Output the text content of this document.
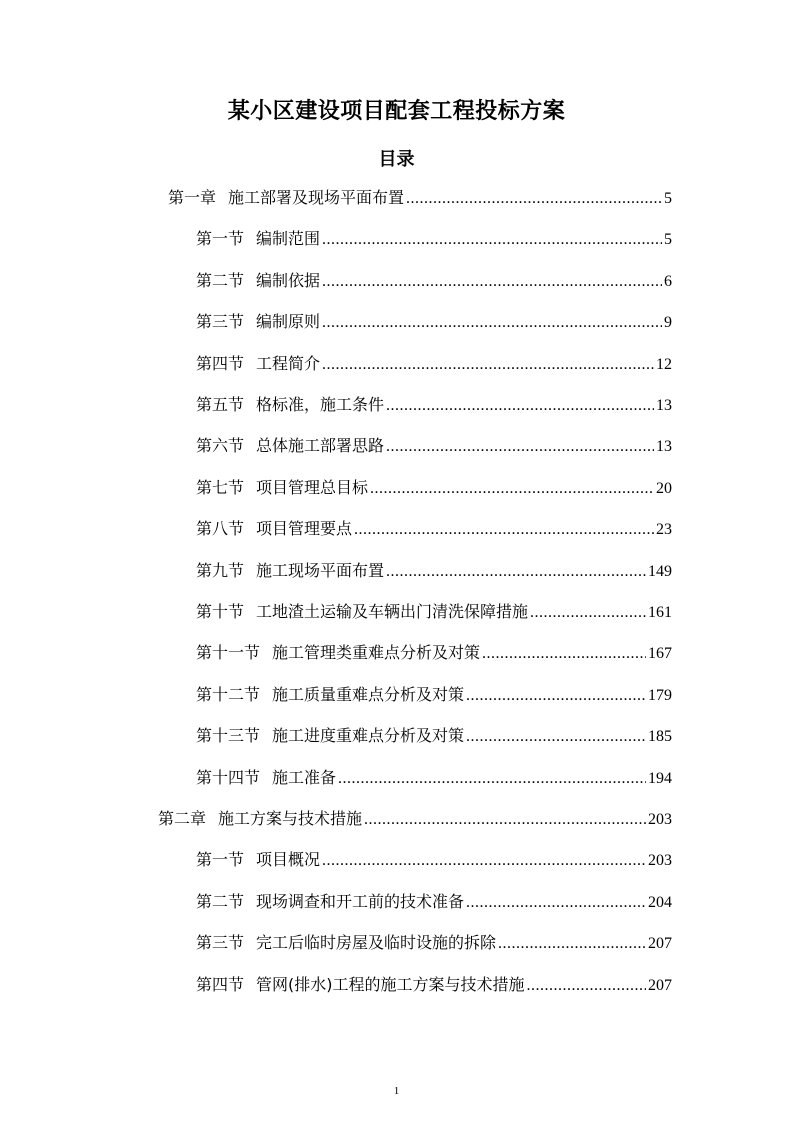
某小区建设项目配套工程投标方案
目录
第一章 施工部署及现场平面布置 .....	5
第一节 编制范围 .....	5
第二节 编制依据 .....	6
第三节 编制原则 .....	9
第四节 工程简介 .....	12
第五节 格标准，施工条件 .....	13
第六节 总体施工部署思路 .....	13
第七节 项目管理总目标 .....	20
第八节 项目管理要点 .....	23
第九节 施工现场平面布置 .....	149
第十节 工地渣土运输及车辆出门清洗保障措施 .....	161
第十一节 施工管理类重难点分析及对策 .....	167
第十二节 施工质量重难点分析及对策 .....	179
第十三节 施工进度重难点分析及对策 .....	185
第十四节 施工准备 .....	194
第二章 施工方案与技术措施 .....	203
第一节 项目概况 .....	203
第二节 现场调查和开工前的技术准备 .....	204
第三节 完工后临时房屋及临时设施的拆除 .....	207
第四节 管网(排水)工程的施工方案与技术措施 .....	207
1
